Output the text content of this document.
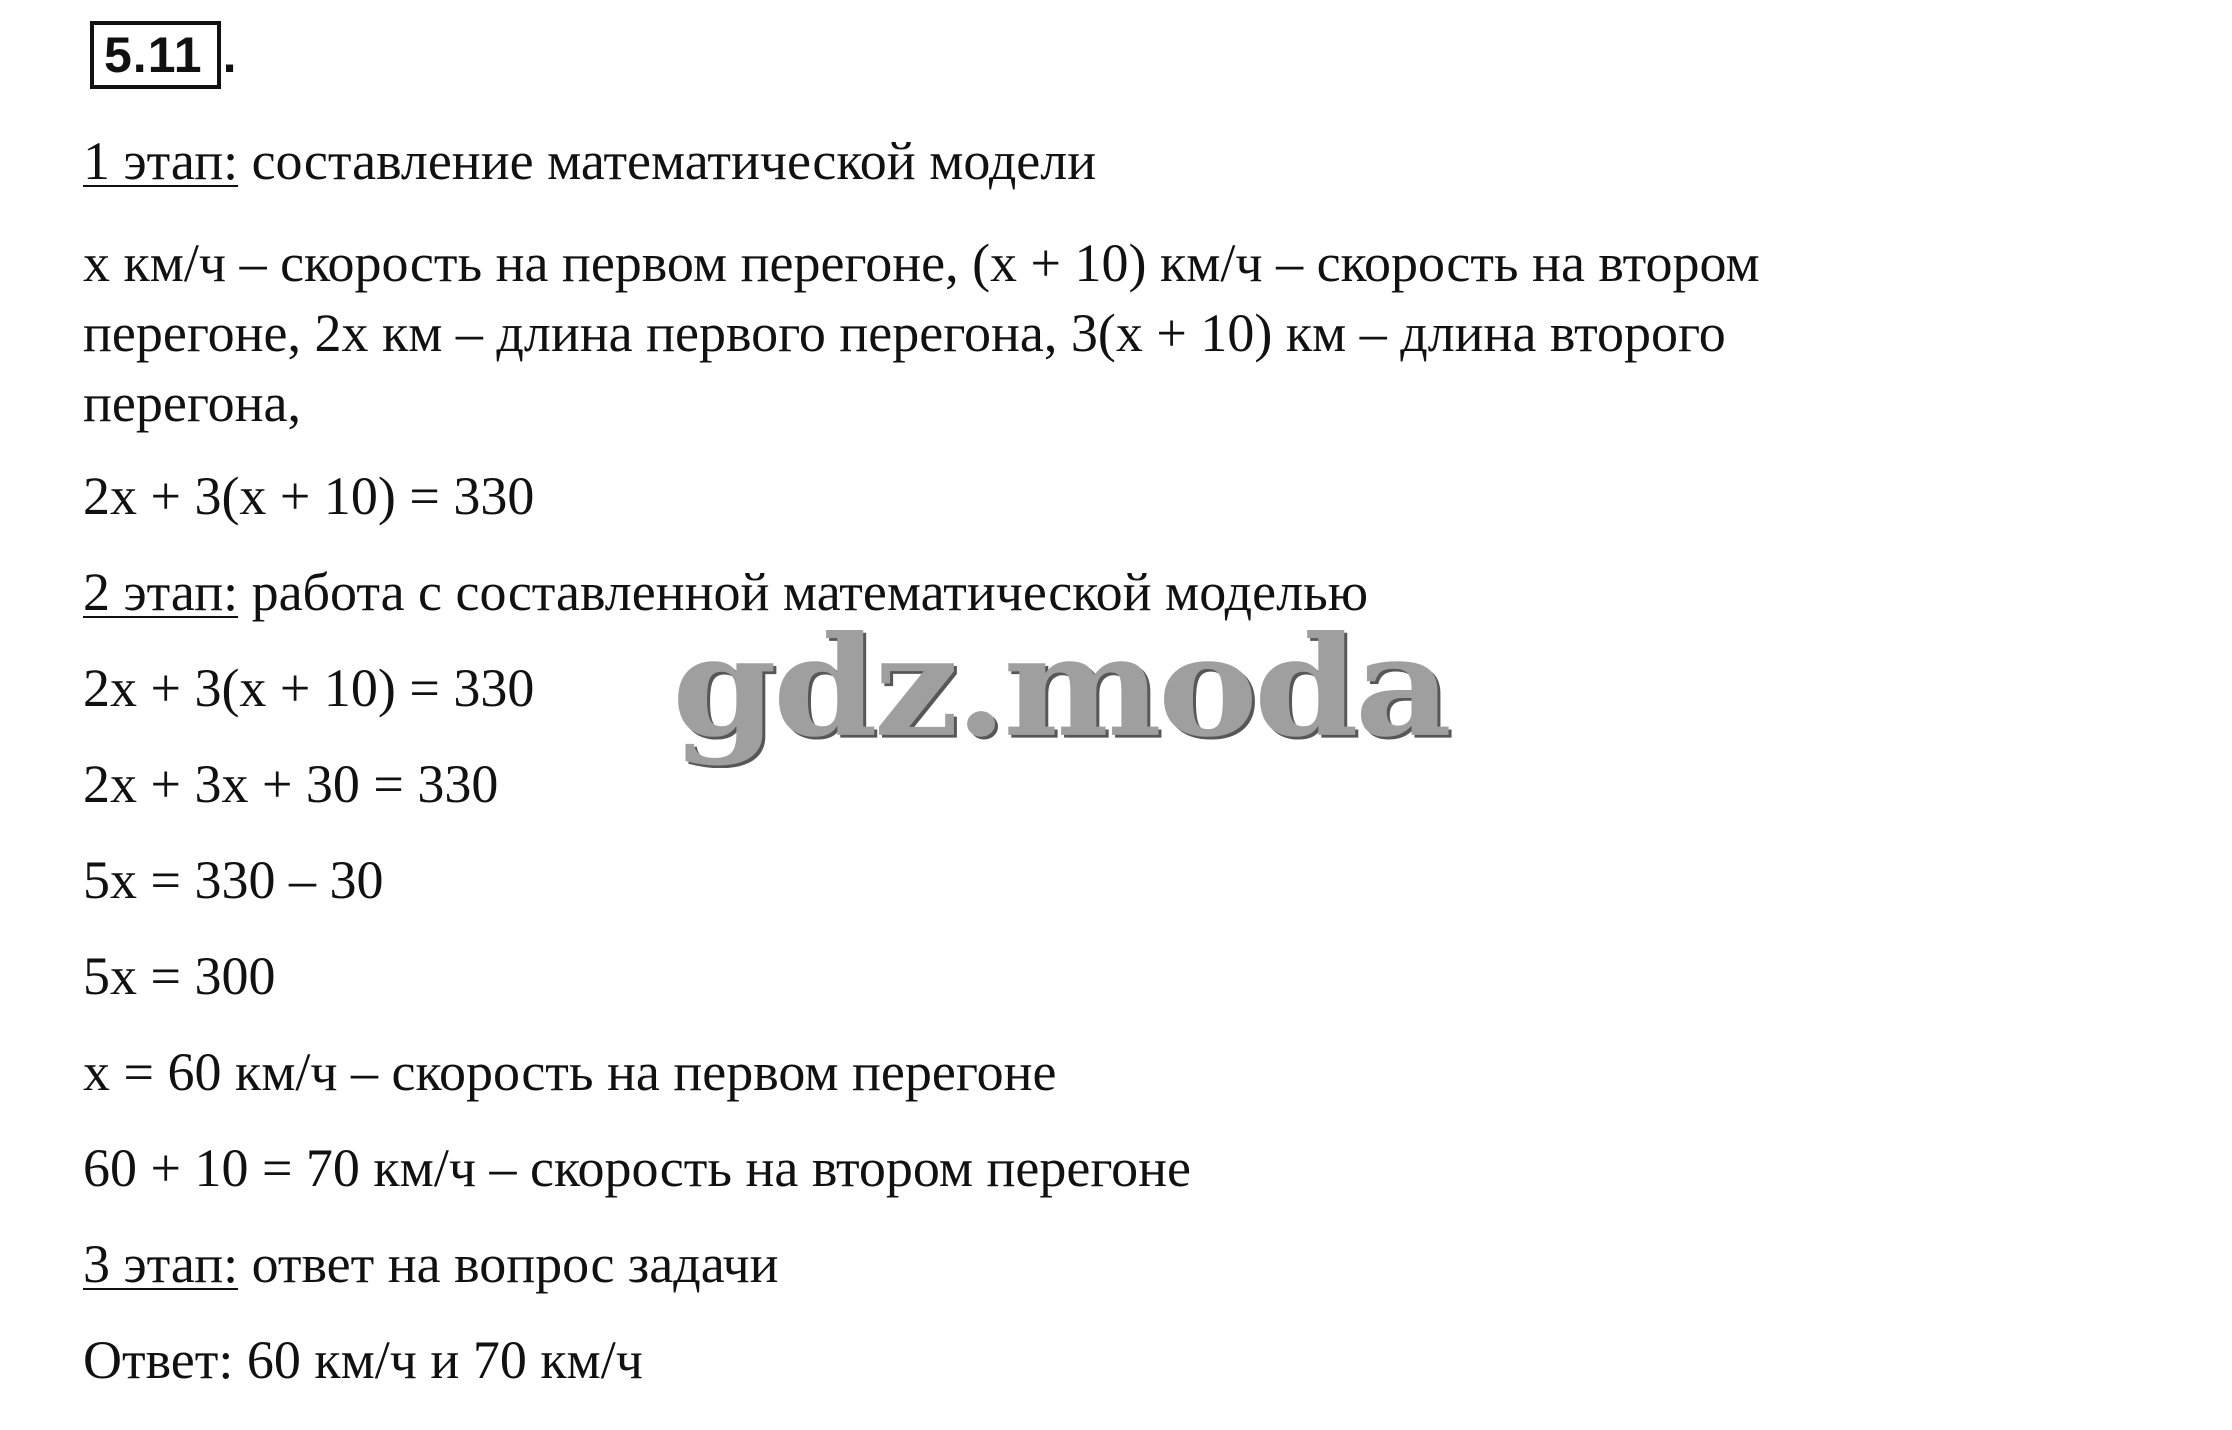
5.11 .
1 этап: составление математической модели
x км/ч – скорость на первом перегоне, (x + 10) км/ч – скорость на втором
перегоне, 2x км – длина первого перегона, 3(x + 10) км – длина второго
перегона,
2x + 3(x + 10) = 330
2 этап: работа с составленной математической моделью
2x + 3(x + 10) = 330
2x + 3x + 30 = 330
5x = 330 – 30
5x = 300
x = 60 км/ч – скорость на первом перегоне
60 + 10 = 70 км/ч – скорость на втором перегоне
3 этап: ответ на вопрос задачи
Ответ: 60 км/ч и 70 км/ч
gdz.moda
